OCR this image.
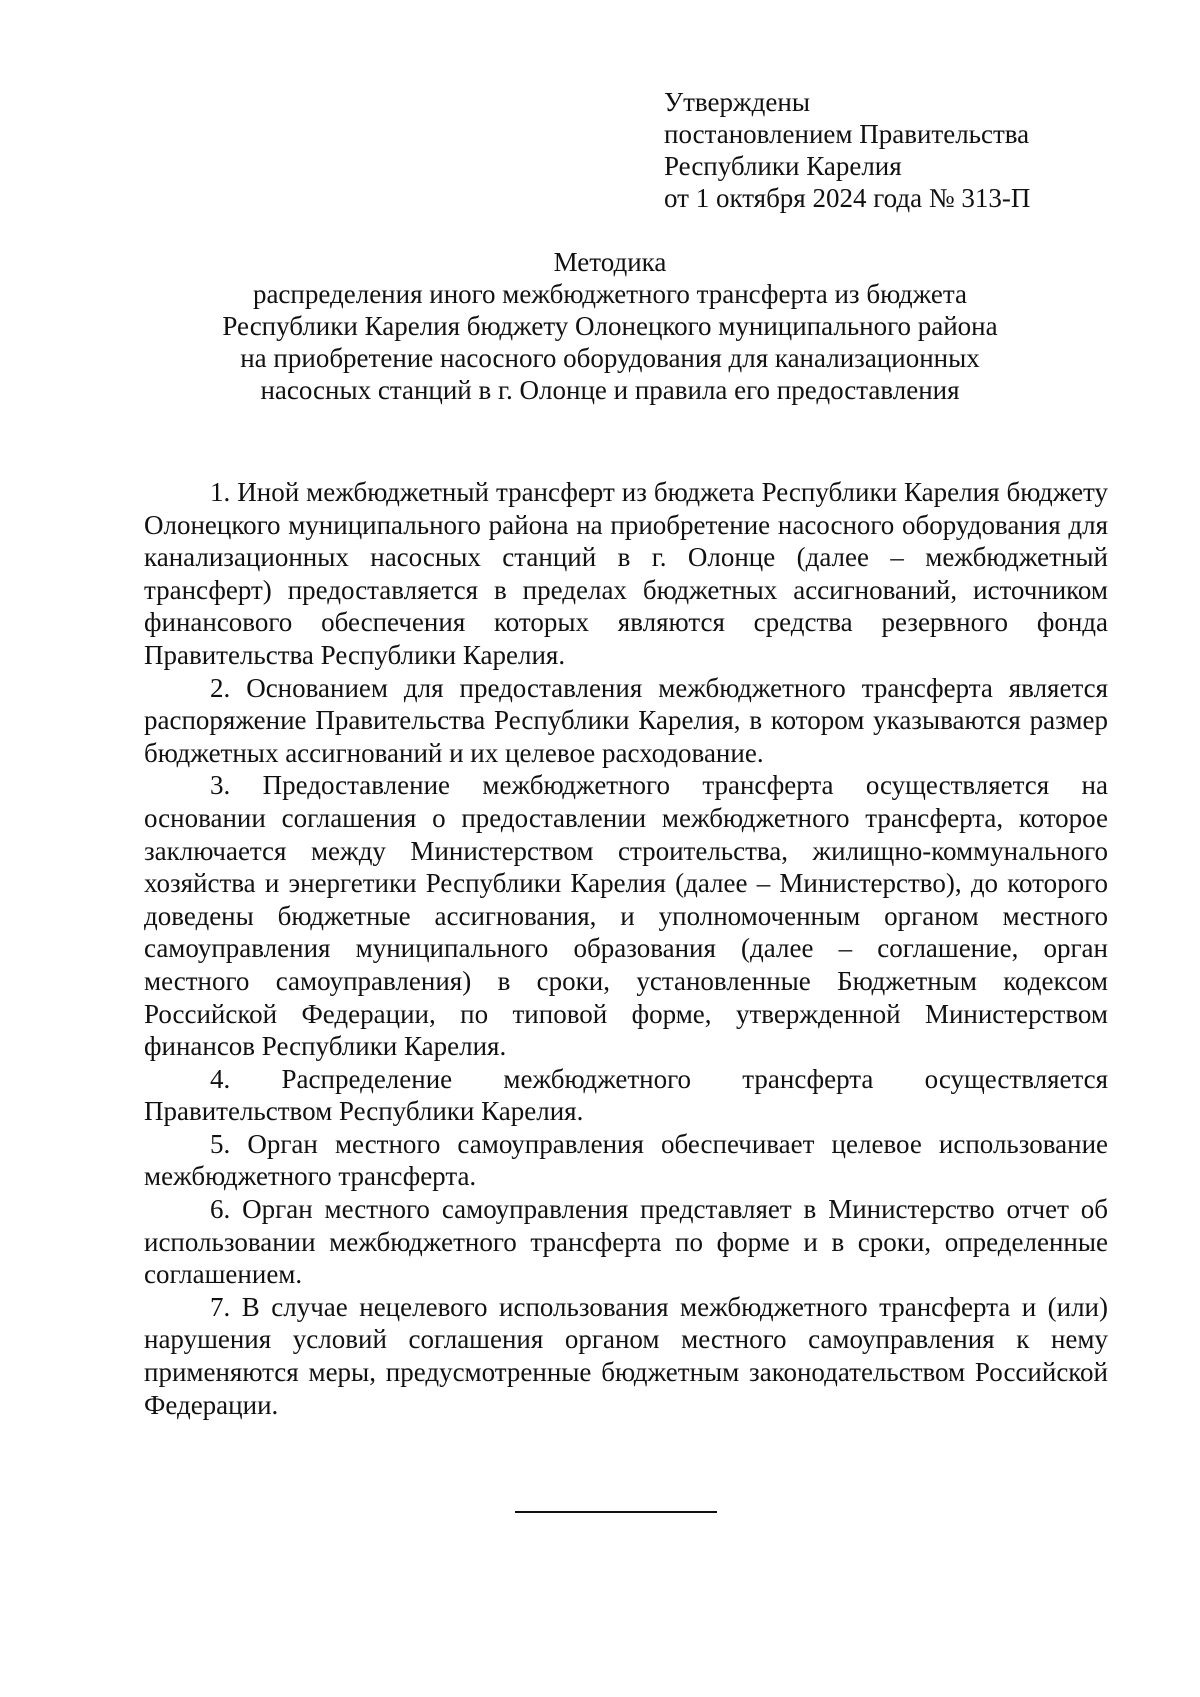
Утверждены
постановлением Правительства
Республики Карелия
от 1 октября 2024 года № 313-П
Методика
распределения иного межбюджетного трансферта из бюджета
Республики Карелия бюджету Олонецкого муниципального района
на приобретение насосного оборудования для канализационных
насосных станций в г. Олонце и правила его предоставления

1. Иной межбюджетный трансферт из бюджета Республики Карелия бюджету Олонецкого муниципального района на приобретение насосного оборудования для канализационных насосных станций в г. Олонце (далее – межбюджетный трансферт) предоставляется в пределах бюджетных ассигнований, источником финансового обеспечения которых являются средства резервного фонда Правительства Республики Карелия.

2. Основанием для предоставления межбюджетного трансферта является распоряжение Правительства Республики Карелия, в котором указываются размер бюджетных ассигнований и их целевое расходование.

3. Предоставление межбюджетного трансферта осуществляется на основании соглашения о предоставлении межбюджетного трансферта, которое заключается между Министерством строительства, жилищно-коммунального хозяйства и энергетики Республики Карелия (далее – Министерство), до которого доведены бюджетные ассигнования, и уполномоченным органом местного самоуправления муниципального образования (далее – соглашение, орган местного самоуправления) в сроки, установленные Бюджетным кодексом Российской Федерации, по типовой форме, утвержденной Министерством финансов Республики Карелия.

4. Распределение межбюджетного трансферта осуществляется Правительством Республики Карелия.

5. Орган местного самоуправления обеспечивает целевое использование межбюджетного трансферта.

6. Орган местного самоуправления представляет в Министерство отчет об использовании межбюджетного трансферта по форме и в сроки, определенные соглашением.

7. В случае нецелевого использования межбюджетного трансферта и (или) нарушения условий соглашения органом местного самоуправления к нему применяются меры, предусмотренные бюджетным законодательством Российской Федерации.
